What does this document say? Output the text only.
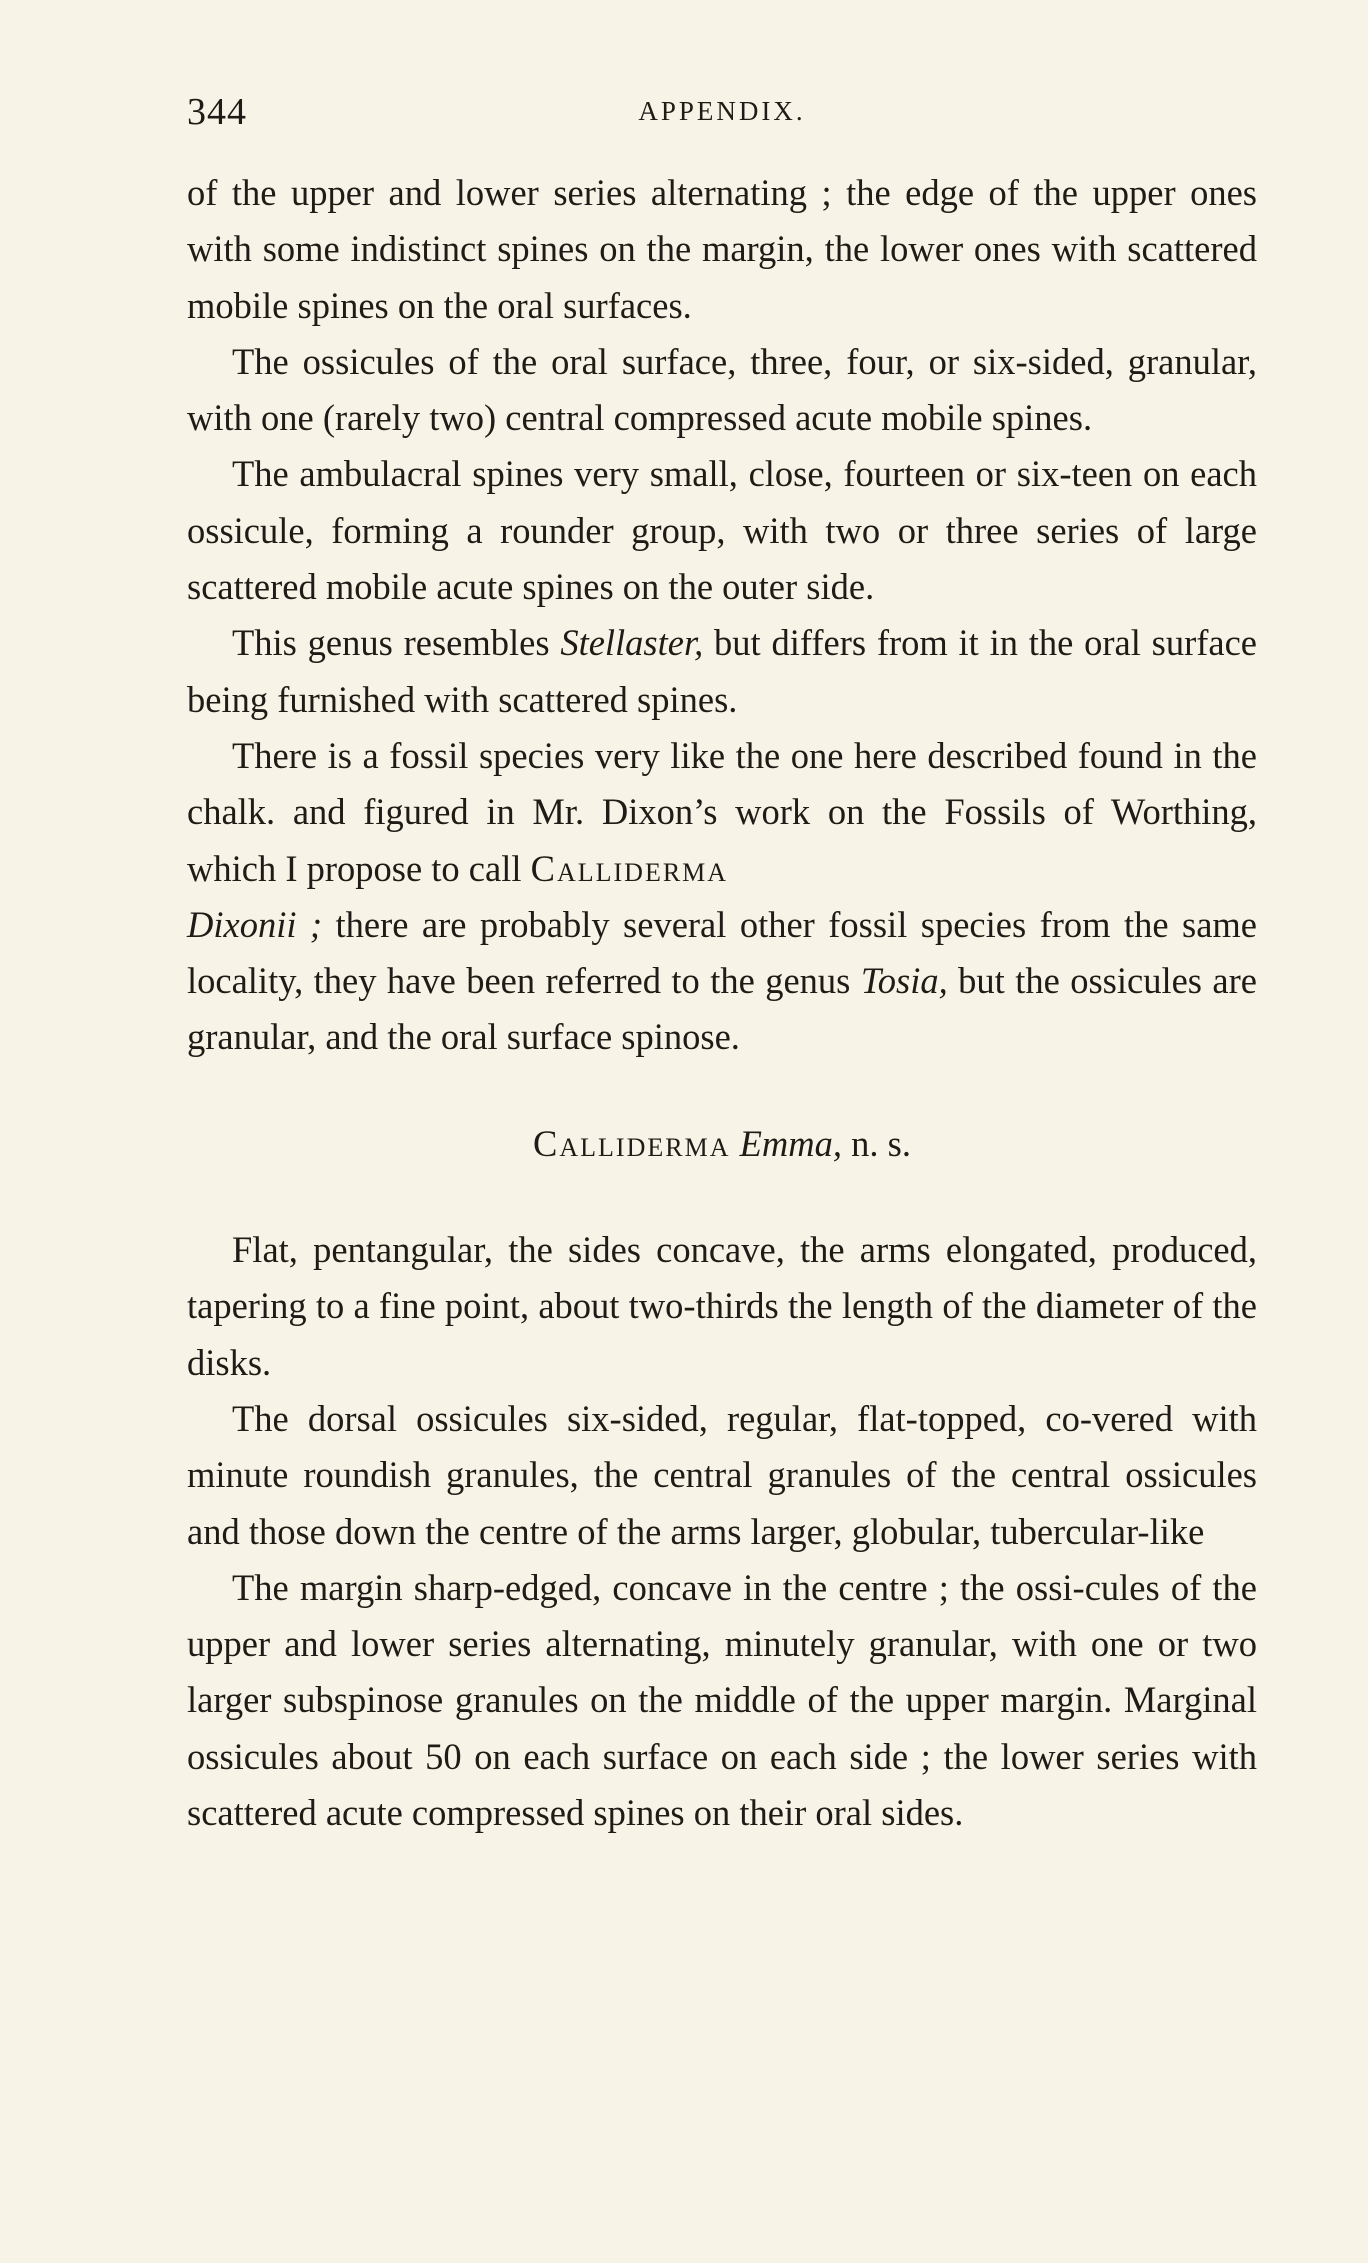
344	APPENDIX.

of the upper and lower series alternating ; the edge of the upper ones with some indistinct spines on the margin, the lower ones with scattered mobile spines on the oral surfaces.

The ossicules of the oral surface, three, four, or six-sided, granular, with one (rarely two) central compressed acute mobile spines.

The ambulacral spines very small, close, fourteen or six-teen on each ossicule, forming a rounder group, with two or three series of large scattered mobile acute spines on the outer side.

This genus resembles Stellaster, but differs from it in the oral surface being furnished with scattered spines.

There is a fossil species very like the one here described found in the chalk. and figured in Mr. Dixon’s work on the Fossils of Worthing, which I propose to call Calliderma
Dixonii ; there are probably several other fossil species from the same locality, they have been referred to the genus Tosia, but the ossicules are granular, and the oral surface spinose.

Calliderma Emma, n. s.

Flat, pentangular, the sides concave, the arms elongated, produced, tapering to a fine point, about two-thirds the length of the diameter of the disks.

The dorsal ossicules six-sided, regular, flat-topped, co-vered with minute roundish granules, the central granules of the central ossicules and those down the centre of the arms larger, globular, tubercular-like

The margin sharp-edged, concave in the centre ; the ossi-cules of the upper and lower series alternating, minutely granular, with one or two larger subspinose granules on the middle of the upper margin. Marginal ossicules about 50 on each surface on each side ; the lower series with scattered acute compressed spines on their oral sides.
